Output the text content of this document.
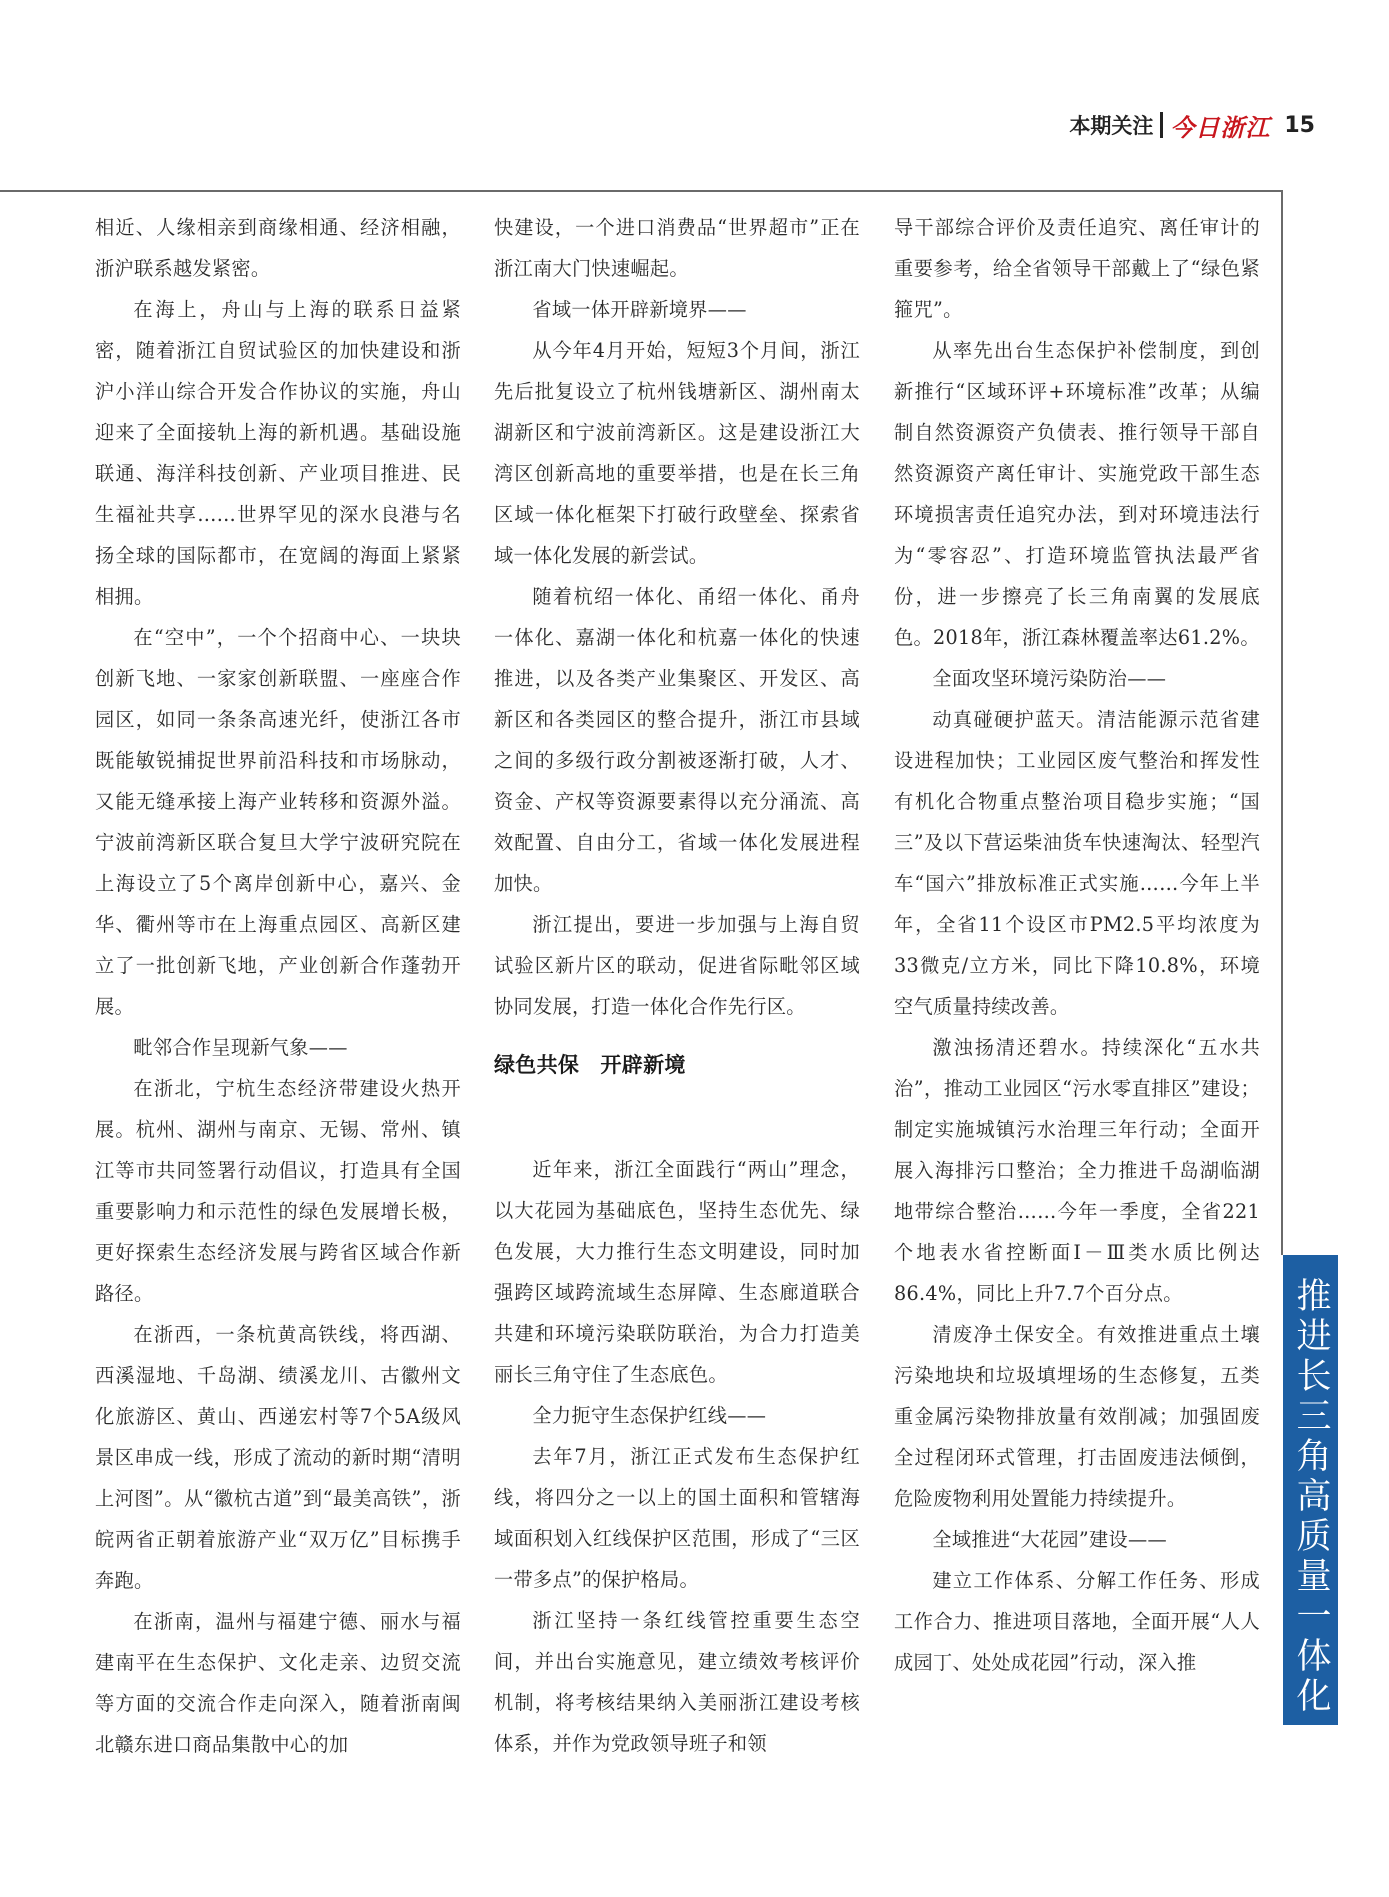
本期关注 今日浙江 15

相近、人缘相亲到商缘相通、经济相融，浙沪联系越发紧密。

在海上，舟山与上海的联系日益紧密，随着浙江自贸试验区的加快建设和浙沪小洋山综合开发合作协议的实施，舟山迎来了全面接轨上海的新机遇。基础设施联通、海洋科技创新、产业项目推进、民生福祉共享……世界罕见的深水良港与名扬全球的国际都市，在宽阔的海面上紧紧相拥。

在“空中”，一个个招商中心、一块块创新飞地、一家家创新联盟、一座座合作园区，如同一条条高速光纤，使浙江各市既能敏锐捕捉世界前沿科技和市场脉动，又能无缝承接上海产业转移和资源外溢。宁波前湾新区联合复旦大学宁波研究院在上海设立了5个离岸创新中心，嘉兴、金华、衢州等市在上海重点园区、高新区建立了一批创新飞地，产业创新合作蓬勃开展。

毗邻合作呈现新气象——

在浙北，宁杭生态经济带建设火热开展。杭州、湖州与南京、无锡、常州、镇江等市共同签署行动倡议，打造具有全国重要影响力和示范性的绿色发展增长极，更好探索生态经济发展与跨省区域合作新路径。

在浙西，一条杭黄高铁线，将西湖、西溪湿地、千岛湖、绩溪龙川、古徽州文化旅游区、黄山、西递宏村等7个5A级风景区串成一线，形成了流动的新时期“清明上河图”。从“徽杭古道”到“最美高铁”，浙皖两省正朝着旅游产业“双万亿”目标携手奔跑。

在浙南，温州与福建宁德、丽水与福建南平在生态保护、文化走亲、边贸交流等方面的交流合作走向深入，随着浙南闽北赣东进口商品集散中心的加

快建设，一个进口消费品“世界超市”正在浙江南大门快速崛起。

省域一体开辟新境界——

从今年4月开始，短短3个月间，浙江先后批复设立了杭州钱塘新区、湖州南太湖新区和宁波前湾新区。这是建设浙江大湾区创新高地的重要举措，也是在长三角区域一体化框架下打破行政壁垒、探索省域一体化发展的新尝试。

随着杭绍一体化、甬绍一体化、甬舟一体化、嘉湖一体化和杭嘉一体化的快速推进，以及各类产业集聚区、开发区、高新区和各类园区的整合提升，浙江市县域之间的多级行政分割被逐渐打破，人才、资金、产权等资源要素得以充分涌流、高效配置、自由分工，省域一体化发展进程加快。

浙江提出，要进一步加强与上海自贸试验区新片区的联动，促进省际毗邻区域协同发展，打造一体化合作先行区。

绿色共保　开辟新境

近年来，浙江全面践行“两山”理念，以大花园为基础底色，坚持生态优先、绿色发展，大力推行生态文明建设，同时加强跨区域跨流域生态屏障、生态廊道联合共建和环境污染联防联治，为合力打造美丽长三角守住了生态底色。

全力扼守生态保护红线——

去年7月，浙江正式发布生态保护红线，将四分之一以上的国土面积和管辖海域面积划入红线保护区范围，形成了“三区一带多点”的保护格局。

浙江坚持一条红线管控重要生态空间，并出台实施意见，建立绩效考核评价机制，将考核结果纳入美丽浙江建设考核体系，并作为党政领导班子和领

导干部综合评价及责任追究、离任审计的重要参考，给全省领导干部戴上了“绿色紧箍咒”。

从率先出台生态保护补偿制度，到创新推行“区域环评+环境标准”改革；从编制自然资源资产负债表、推行领导干部自然资源资产离任审计、实施党政干部生态环境损害责任追究办法，到对环境违法行为“零容忍”、打造环境监管执法最严省份，进一步擦亮了长三角南翼的发展底色。2018年，浙江森林覆盖率达61.2%。

全面攻坚环境污染防治——

动真碰硬护蓝天。清洁能源示范省建设进程加快；工业园区废气整治和挥发性有机化合物重点整治项目稳步实施；“国三”及以下营运柴油货车快速淘汰、轻型汽车“国六”排放标准正式实施……今年上半年，全省11个设区市PM2.5平均浓度为33微克/立方米，同比下降10.8%，环境空气质量持续改善。

激浊扬清还碧水。持续深化“五水共治”，推动工业园区“污水零直排区”建设；制定实施城镇污水治理三年行动；全面开展入海排污口整治；全力推进千岛湖临湖地带综合整治……今年一季度，全省221个地表水省控断面Ⅰ－Ⅲ类水质比例达86.4%，同比上升7.7个百分点。

清废净土保安全。有效推进重点土壤污染地块和垃圾填埋场的生态修复，五类重金属污染物排放量有效削减；加强固废全过程闭环式管理，打击固废违法倾倒，危险废物利用处置能力持续提升。

全域推进“大花园”建设——

建立工作体系、分解工作任务、形成工作合力、推进项目落地，全面开展“人人成园丁、处处成花园”行动，深入推	推进长三角高质量一体化
